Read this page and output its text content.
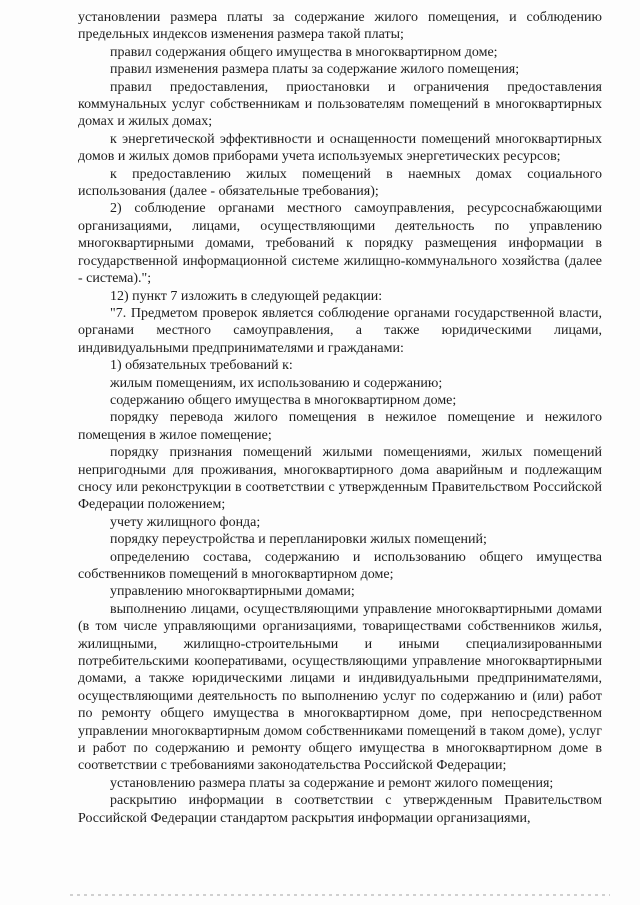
установлении размера платы за содержание жилого помещения, и соблюдению предельных индексов изменения размера такой платы;

правил содержания общего имущества в многоквартирном доме;

правил изменения размера платы за содержание жилого помещения;

правил предоставления, приостановки и ограничения предоставления коммунальных услуг собственникам и пользователям помещений в многоквартирных домах и жилых домах;

к энергетической эффективности и оснащенности помещений многоквартирных домов и жилых домов приборами учета используемых энергетических ресурсов;

к предоставлению жилых помещений в наемных домах социального использования (далее - обязательные требования);

2) соблюдение органами местного самоуправления, ресурсоснабжающими организациями, лицами, осуществляющими деятельность по управлению многоквартирными домами, требований к порядку размещения информации в государственной информационной системе жилищно-коммунального хозяйства (далее - система).";

12) пункт 7 изложить в следующей редакции:

"7. Предметом проверок является соблюдение органами государственной власти, органами местного самоуправления, а также юридическими лицами, индивидуальными предпринимателями и гражданами:

1) обязательных требований к:

жилым помещениям, их использованию и содержанию;

содержанию общего имущества в многоквартирном доме;

порядку перевода жилого помещения в нежилое помещение и нежилого помещения в жилое помещение;

порядку признания помещений жилыми помещениями, жилых помещений непригодными для проживания, многоквартирного дома аварийным и подлежащим сносу или реконструкции в соответствии с утвержденным Правительством Российской Федерации положением;

учету жилищного фонда;

порядку переустройства и перепланировки жилых помещений;

определению состава, содержанию и использованию общего имущества собственников помещений в многоквартирном доме;

управлению многоквартирными домами;

выполнению лицами, осуществляющими управление многоквартирными домами (в том числе управляющими организациями, товариществами собственников жилья, жилищными, жилищно-строительными и иными специализированными потребительскими кооперативами, осуществляющими управление многоквартирными домами, а также юридическими лицами и индивидуальными предпринимателями, осуществляющими деятельность по выполнению услуг по содержанию и (или) работ по ремонту общего имущества в многоквартирном доме, при непосредственном управлении многоквартирным домом собственниками помещений в таком доме), услуг и работ по содержанию и ремонту общего имущества в многоквартирном доме в соответствии с требованиями законодательства Российской Федерации;

установлению размера платы за содержание и ремонт жилого помещения;

раскрытию информации в соответствии с утвержденным Правительством Российской Федерации стандартом раскрытия информации организациями,
